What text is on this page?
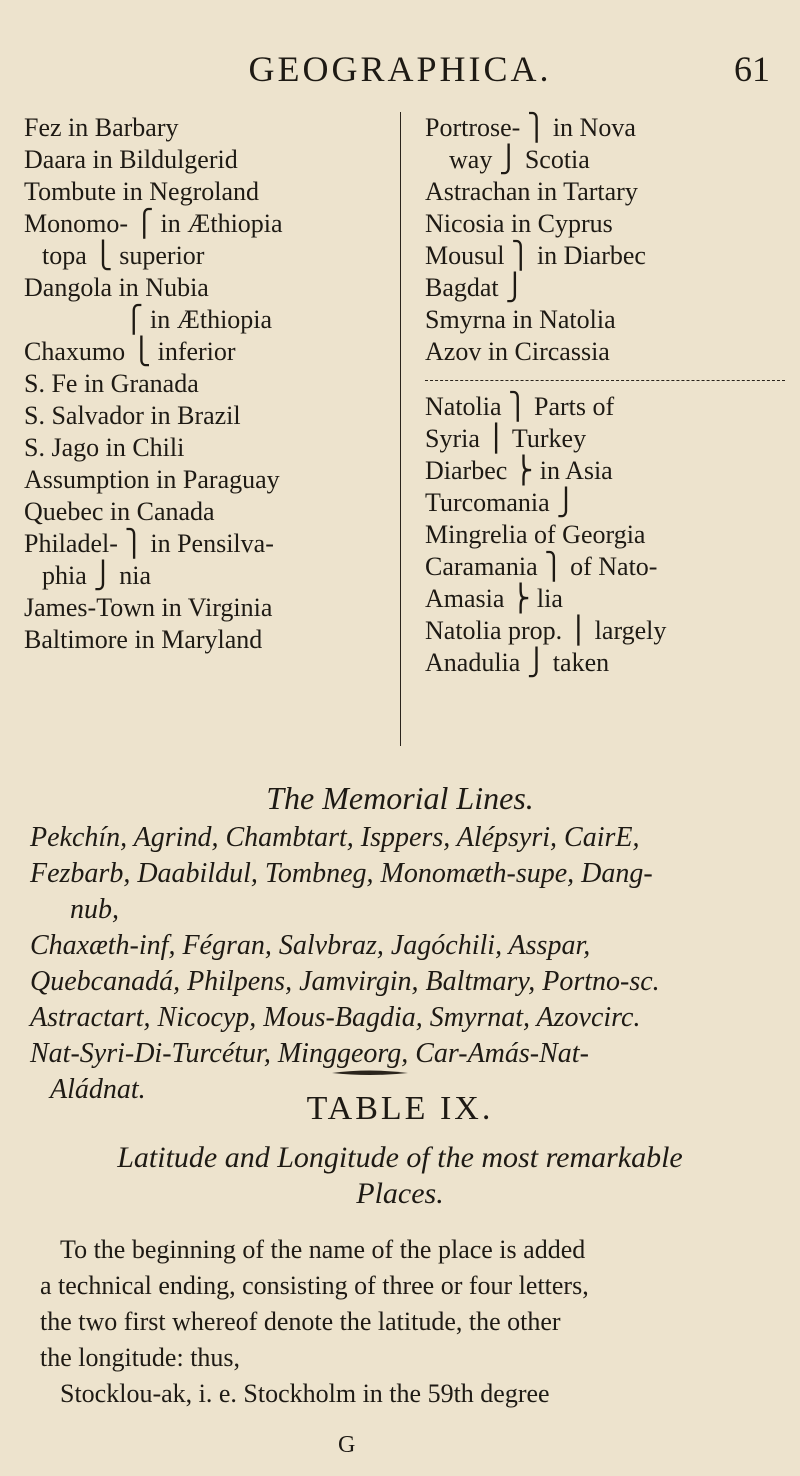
GEOGRAPHICA.	61
Fez in Barbary
Daara in Bildulgerid
Tombute in Negroland
Monomo- ⎧ in Æthiopia
topa ⎩ superior
Dangola in Nubia
⎧ in Æthiopia
Chaxumo ⎩ inferior
S. Fe in Granada
S. Salvador in Brazil
S. Jago in Chili
Assumption in Paraguay
Quebec in Canada
Philadel- ⎫ in Pensilva-
phia ⎭ nia
James-Town in Virginia
Baltimore in Maryland
Portrose- ⎫ in Nova
way ⎭ Scotia
Astrachan in Tartary
Nicosia in Cyprus
Mousul ⎫ in Diarbec
Bagdat ⎭
Smyrna in Natolia
Azov in Circassia
Natolia ⎫ Parts of
Syria ⎪ Turkey
Diarbec ⎬ in Asia
Turcomania ⎭
Mingrelia of Georgia
Caramania ⎫ of Nato-
Amasia ⎬ lia
Natolia prop. ⎪ largely
Anadulia ⎭ taken
The Memorial Lines.
Pekchín, Agrind, Chambtart, Isppers, Alépsyri, CairE,
Fezbarb, Daabildul, Tombneg, Monomæth-supe, Dang-
nub,
Chaxæth-inf, Fégran, Salvbraz, Jagóchili, Asspar,
Quebcanadá, Philpens, Jamvirgin, Baltmary, Portno-sc.
Astractart, Nicocyp, Mous-Bagdia, Smyrnat, Azovcirc.
Nat-Syri-Di-Turcétur, Minggeorg, Car-Amás-Nat-
Aládnat.
TABLE IX.
Latitude and Longitude of the most remarkable
Places.
To the beginning of the name of the place is added
a technical ending, consisting of three or four letters,
the two first whereof denote the latitude, the other
the longitude: thus,
Stocklou-ak, i. e. Stockholm in the 59th degree
G
